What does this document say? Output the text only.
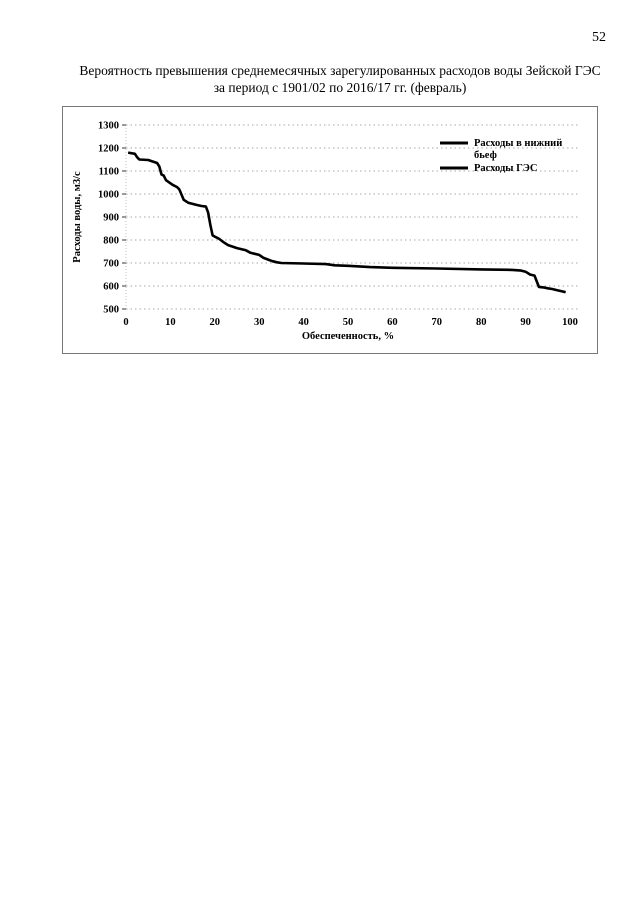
52
Вероятность превышения среднемесячных зарегулированных расходов воды Зейской ГЭС
за период с 1901/02 по 2016/17 гг. (февраль)
500
600
700
800
900
1000
1100
1200
1300
0	10	20	30	40	50	60	70	80	90	100
Обеспеченность, %
Расходы воды, м3/с
Расходы в нижний
бьеф
Расходы ГЭС
